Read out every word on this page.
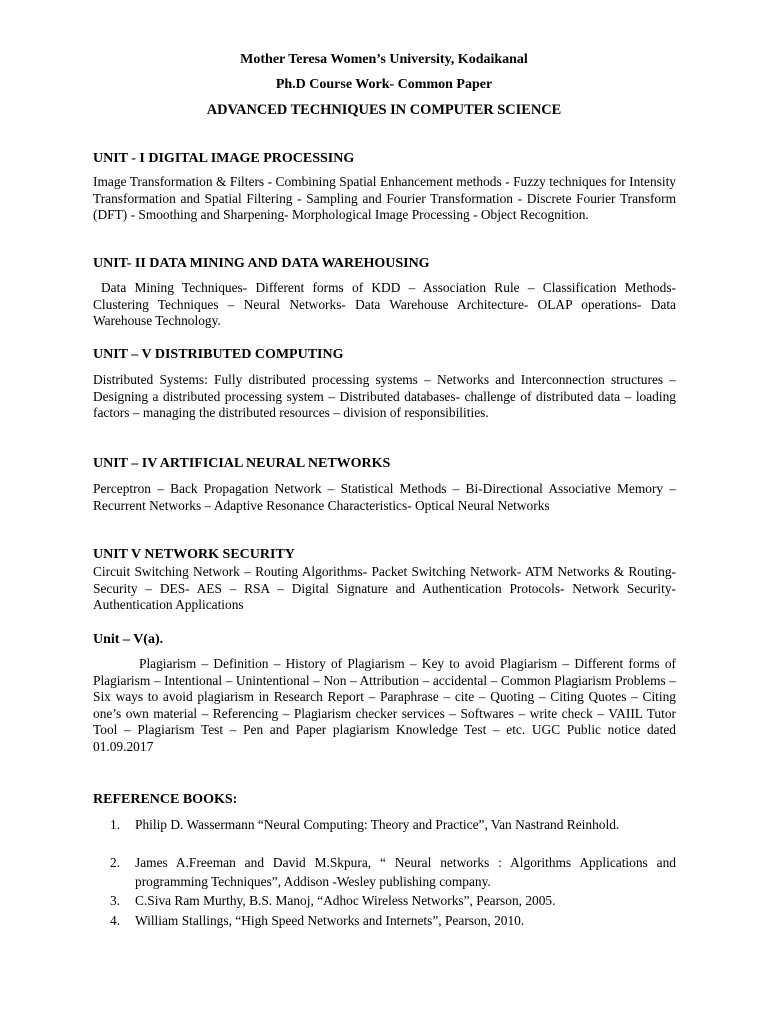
Mother Teresa Women’s University, Kodaikanal
Ph.D Course Work- Common Paper
ADVANCED TECHNIQUES IN COMPUTER SCIENCE
UNIT - I DIGITAL IMAGE PROCESSING
Image Transformation & Filters - Combining Spatial Enhancement methods - Fuzzy techniques for Intensity Transformation and Spatial Filtering - Sampling and Fourier Transformation - Discrete Fourier Transform (DFT) - Smoothing and Sharpening- Morphological Image Processing - Object Recognition.
UNIT- II DATA MINING AND DATA WAREHOUSING
Data Mining Techniques- Different forms of KDD – Association Rule – Classification Methods- Clustering Techniques – Neural Networks- Data Warehouse Architecture- OLAP operations- Data Warehouse Technology.
UNIT – V DISTRIBUTED COMPUTING
Distributed Systems: Fully distributed processing systems – Networks and Interconnection structures – Designing a distributed processing system – Distributed databases- challenge of distributed data – loading factors – managing the distributed resources – division of responsibilities.
UNIT – IV ARTIFICIAL NEURAL NETWORKS
Perceptron – Back Propagation Network – Statistical Methods – Bi-Directional Associative Memory – Recurrent Networks – Adaptive Resonance Characteristics- Optical Neural Networks
UNIT V NETWORK SECURITY
Circuit Switching Network – Routing Algorithms- Packet Switching Network- ATM Networks & Routing- Security – DES- AES – RSA – Digital Signature and Authentication Protocols- Network Security- Authentication Applications
Unit – V(a).
Plagiarism – Definition – History of Plagiarism – Key to avoid Plagiarism – Different forms of Plagiarism – Intentional – Unintentional – Non – Attribution – accidental – Common Plagiarism Problems – Six ways to avoid plagiarism in Research Report – Paraphrase – cite – Quoting – Citing Quotes – Citing one’s own material – Referencing – Plagiarism checker services – Softwares – write check – VAIIL Tutor Tool – Plagiarism Test – Pen and Paper plagiarism Knowledge Test – etc. UGC Public notice dated 01.09.2017
REFERENCE BOOKS:
1. Philip D. Wassermann “Neural Computing: Theory and Practice”, Van Nastrand Reinhold.
2. James A.Freeman and David M.Skpura, “ Neural networks : Algorithms Applications and programming Techniques”, Addison -Wesley publishing company.
3. C.Siva Ram Murthy, B.S. Manoj, “Adhoc Wireless Networks”, Pearson, 2005.
4. William Stallings, “High Speed Networks and Internets”, Pearson, 2010.
